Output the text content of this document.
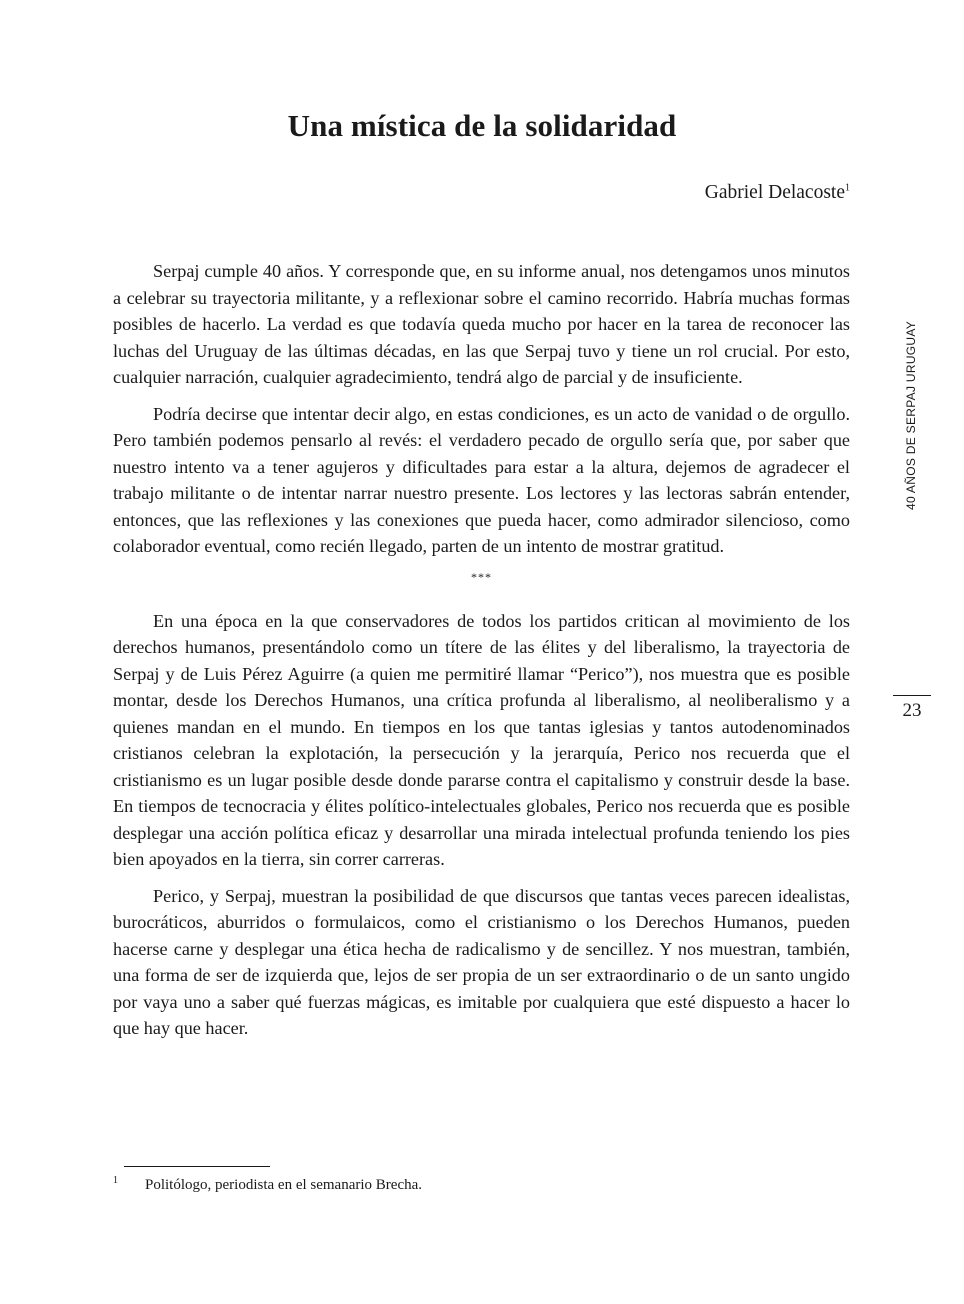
Una mística de la solidaridad

Gabriel Delacoste$^1$

Serpaj cumple 40 años. Y corresponde que, en su informe anual, nos detengamos unos minutos a celebrar su trayectoria militante, y a reflexionar sobre el camino recorrido. Habría muchas formas posibles de hacerlo. La verdad es que todavía queda mucho por hacer en la tarea de reconocer las luchas del Uruguay de las últimas décadas, en las que Serpaj tuvo y tiene un rol crucial. Por esto, cualquier narración, cualquier agradecimiento, tendrá algo de parcial y de insuficiente.

Podría decirse que intentar decir algo, en estas condiciones, es un acto de vanidad o de orgullo. Pero también podemos pensarlo al revés: el verdadero pecado de orgullo sería que, por saber que nuestro intento va a tener agujeros y dificultades para estar a la altura, dejemos de agradecer el trabajo militante o de intentar narrar nuestro presente. Los lectores y las lectoras sabrán entender, entonces, que las reflexiones y las conexiones que pueda hacer, como admirador silencioso, como colaborador eventual, como recién llegado, parten de un intento de mostrar gratitud.

***

En una época en la que conservadores de todos los partidos critican al movimiento de los derechos humanos, presentándolo como un títere de las élites y del liberalismo, la trayectoria de Serpaj y de Luis Pérez Aguirre (a quien me permitiré llamar “Perico”), nos muestra que es posible montar, desde los Derechos Humanos, una crítica profunda al liberalismo, al neoliberalismo y a quienes mandan en el mundo. En tiempos en los que tantas iglesias y tantos autodenominados cristianos celebran la explotación, la persecución y la jerarquía, Perico nos recuerda que el cristianismo es un lugar posible desde donde pararse contra el capitalismo y construir desde la base. En tiempos de tecnocracia y élites político-intelectuales globales, Perico nos recuerda que es posible desplegar una acción política eficaz y desarrollar una mirada intelectual profunda teniendo los pies bien apoyados en la tierra, sin correr carreras.

Perico, y Serpaj, muestran la posibilidad de que discursos que tantas veces parecen idealistas, burocráticos, aburridos o formulaicos, como el cristianismo o los Derechos Humanos, pueden hacerse carne y desplegar una ética hecha de radicalismo y de sencillez. Y nos muestran, también, una forma de ser de izquierda que, lejos de ser propia de un ser extraordinario o de un santo ungido por vaya uno a saber qué fuerzas mágicas, es imitable por cualquiera que esté dispuesto a hacer lo que hay que hacer.

40 AÑOS DE SERPAJ URUGUAY
23
1 Politólogo, periodista en el semanario Brecha.
